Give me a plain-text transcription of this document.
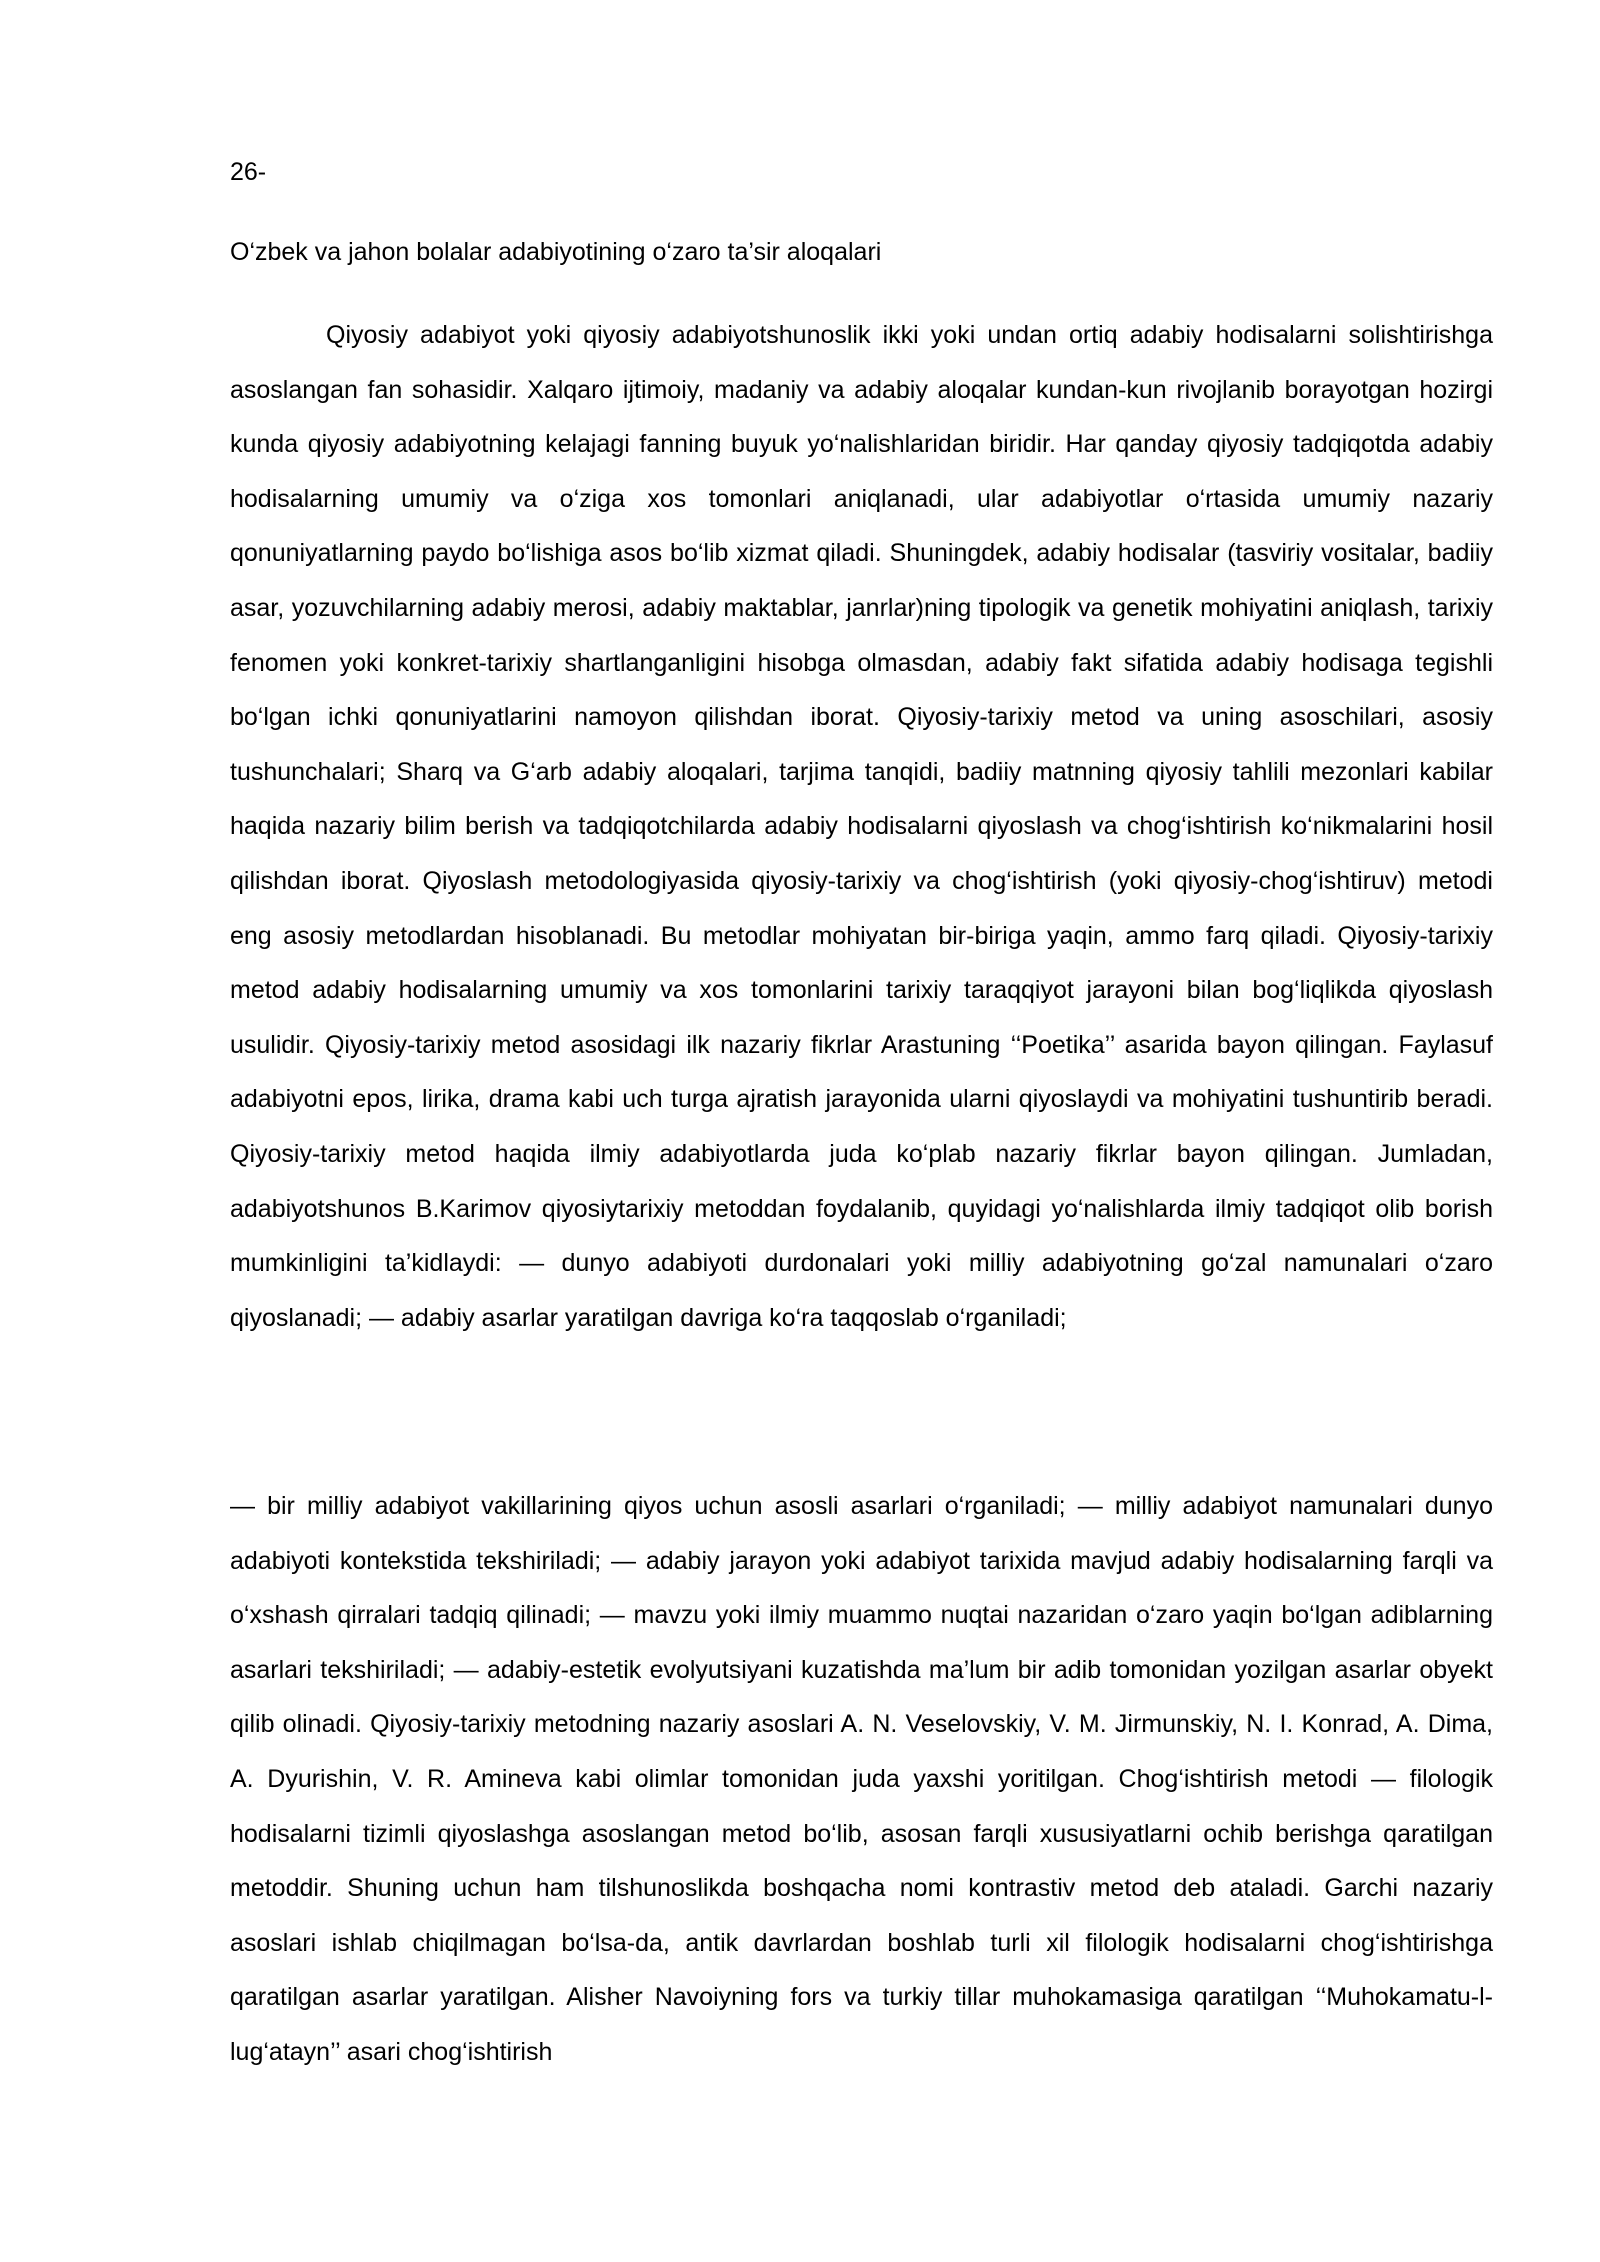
26-

O‘zbek va jahon bolalar adabiyotining o‘zaro ta’sir aloqalari

Qiyosiy adabiyot yoki qiyosiy adabiyotshunoslik ikki yoki undan ortiq adabiy hodisalarni solishtirishga asoslangan fan sohasidir. Xalqaro ijtimoiy, madaniy va adabiy aloqalar kundan-kun rivojlanib borayotgan hozirgi kunda qiyosiy adabiyotning kelajagi fanning buyuk yo‘nalishlaridan biridir. Har qanday qiyosiy tadqiqotda adabiy hodisalarning umumiy va o‘ziga xos tomonlari aniqlanadi, ular adabiyotlar o‘rtasida umumiy nazariy qonuniyatlarning paydo bo‘lishiga asos bo‘lib xizmat qiladi. Shuningdek, adabiy hodisalar (tasviriy vositalar, badiiy asar, yozuvchilarning adabiy merosi, adabiy maktablar, janrlar)ning tipologik va genetik mohiyatini aniqlash, tarixiy fenomen yoki konkret-tarixiy shartlanganligini hisobga olmasdan, adabiy fakt sifatida adabiy hodisaga tegishli bo‘lgan ichki qonuniyatlarini namoyon qilishdan iborat. Qiyosiy-tarixiy metod va uning asoschilari, asosiy tushunchalari; Sharq va G‘arb adabiy aloqalari, tarjima tanqidi, badiiy matnning qiyosiy tahlili mezonlari kabilar haqida nazariy bilim berish va tadqiqotchilarda adabiy hodisalarni qiyoslash va chog‘ishtirish ko‘nikmalarini hosil qilishdan iborat. Qiyoslash metodologiyasida qiyosiy-tarixiy va chog‘ishtirish (yoki qiyosiy-chog‘ishtiruv) metodi eng asosiy metodlardan hisoblanadi. Bu metodlar mohiyatan bir-biriga yaqin, ammo farq qiladi. Qiyosiy-tarixiy metod adabiy hodisalarning umumiy va xos tomonlarini tarixiy taraqqiyot jarayoni bilan bog‘liqlikda qiyoslash usulidir. Qiyosiy-tarixiy metod asosidagi ilk nazariy fikrlar Arastuning ‘‘Poetika’’ asarida bayon qilingan. Faylasuf adabiyotni epos, lirika, drama kabi uch turga ajratish jarayonida ularni qiyoslaydi va mohiyatini tushuntirib beradi. Qiyosiy-tarixiy metod haqida ilmiy adabiyotlarda juda ko‘plab nazariy fikrlar bayon qilingan. Jumladan, adabiyotshunos B.Karimov qiyosiytarixiy metoddan foydalanib, quyidagi yo‘nalishlarda ilmiy tadqiqot olib borish mumkinligini ta’kidlaydi: — dunyo adabiyoti durdonalari yoki milliy adabiyotning go‘zal namunalari o‘zaro qiyoslanadi; — adabiy asarlar yaratilgan davriga ko‘ra taqqoslab o‘rganiladi;

— bir milliy adabiyot vakillarining qiyos uchun asosli asarlari o‘rganiladi; — milliy adabiyot namunalari dunyo adabiyoti kontekstida tekshiriladi; — adabiy jarayon yoki adabiyot tarixida mavjud adabiy hodisalarning farqli va o‘xshash qirralari tadqiq qilinadi; — mavzu yoki ilmiy muammo nuqtai nazaridan o‘zaro yaqin bo‘lgan adiblarning asarlari tekshiriladi; — adabiy-estetik evolyutsiyani kuzatishda ma’lum bir adib tomonidan yozilgan asarlar obyekt qilib olinadi. Qiyosiy-tarixiy metodning nazariy asoslari A. N. Veselovskiy, V. M. Jirmunskiy, N. I. Konrad, A. Dima, A. Dyurishin, V. R. Amineva kabi olimlar tomonidan juda yaxshi yoritilgan. Chog‘ishtirish metodi — filologik hodisalarni tizimli qiyoslashga asoslangan metod bo‘lib, asosan farqli xususiyatlarni ochib berishga qaratilgan metoddir. Shuning uchun ham tilshunoslikda boshqacha nomi kontrastiv metod deb ataladi. Garchi nazariy asoslari ishlab chiqilmagan bo‘lsa-da, antik davrlardan boshlab turli xil filologik hodisalarni chog‘ishtirishga qaratilgan asarlar yaratilgan. Alisher Navoiyning fors va turkiy tillar muhokamasiga qaratilgan ‘‘Muhokamatu-l-lug‘atayn’’ asari chog‘ishtirish
